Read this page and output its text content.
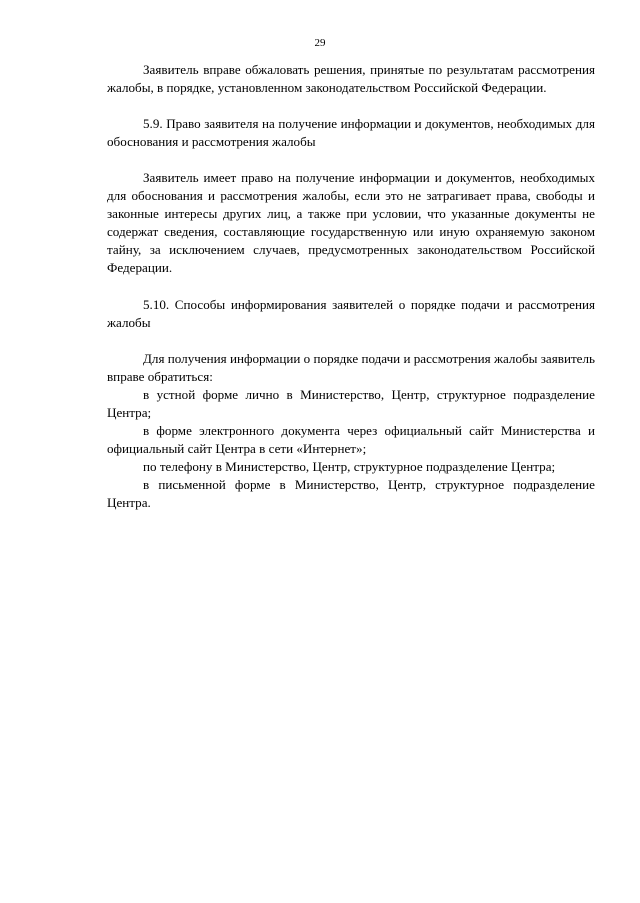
29

Заявитель вправе обжаловать решения, принятые по результатам рассмотрения жалобы, в порядке, установленном законодательством Российской Федерации.

5.9. Право заявителя на получение информации и документов, необходимых для обоснования и рассмотрения жалобы

Заявитель имеет право на получение информации и документов, необходимых для обоснования и рассмотрения жалобы, если это не затрагивает права, свободы и законные интересы других лиц, а также при условии, что указанные документы не содержат сведения, составляющие государственную или иную охраняемую законом тайну, за исключением случаев, предусмотренных законодательством Российской Федерации.

5.10. Способы информирования заявителей о порядке подачи и рассмотрения жалобы

Для получения информации о порядке подачи и рассмотрения жалобы заявитель вправе обратиться:

в устной форме лично в Министерство, Центр, структурное подразделение Центра;

в форме электронного документа через официальный сайт Министерства и официальный сайт Центра в сети «Интернет»;

по телефону в Министерство, Центр, структурное подразделение Центра;

в письменной форме в Министерство, Центр, структурное подразделение Центра.
